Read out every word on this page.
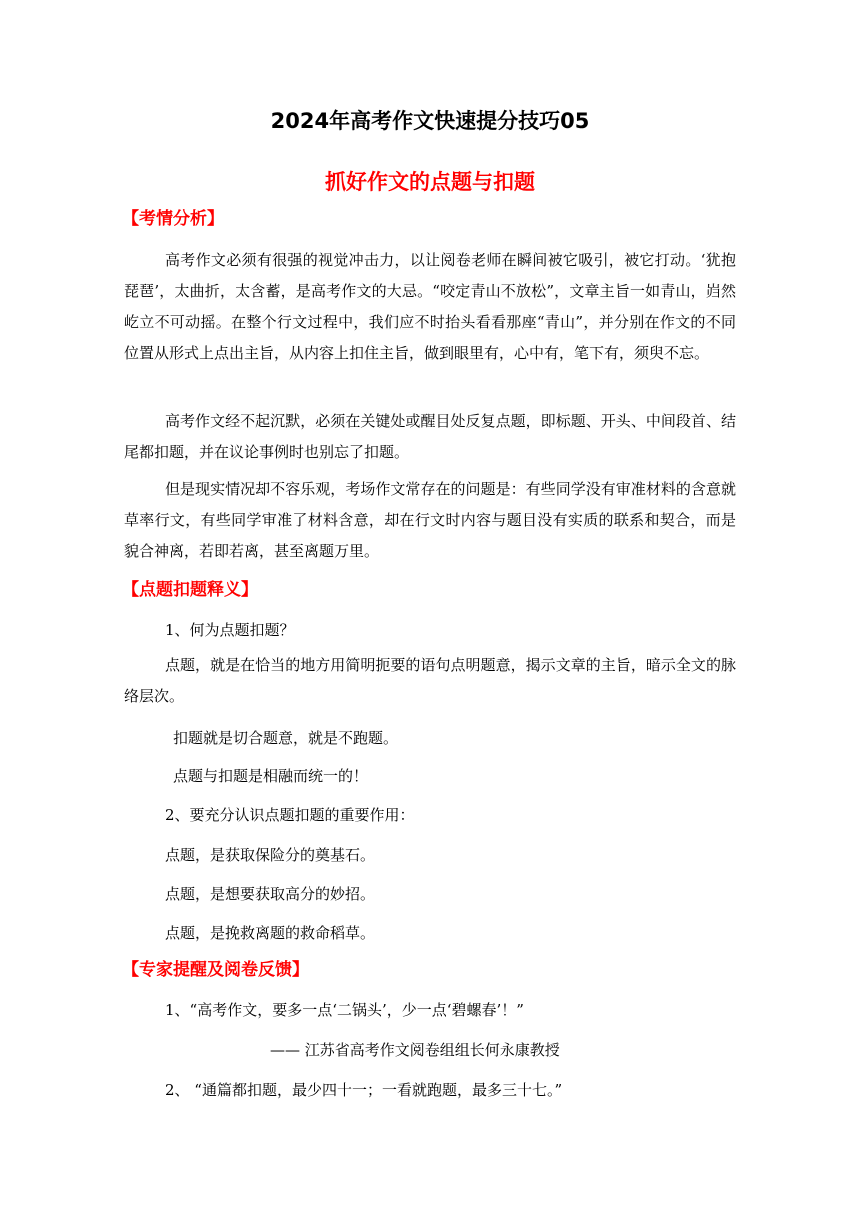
2024年高考作文快速提分技巧05
抓好作文的点题与扣题
【考情分析】
高考作文必须有很强的视觉冲击力，以让阅卷老师在瞬间被它吸引，被它打动。‘犹抱琵琶’，太曲折，太含蓄，是高考作文的大忌。“咬定青山不放松”，文章主旨一如青山，岿然屹立不可动摇。在整个行文过程中，我们应不时抬头看看那座“青山”，并分别在作文的不同位置从形式上点出主旨，从内容上扣住主旨，做到眼里有，心中有，笔下有，须臾不忘。
高考作文经不起沉默，必须在关键处或醒目处反复点题，即标题、开头、中间段首、结尾都扣题，并在议论事例时也别忘了扣题。
但是现实情况却不容乐观，考场作文常存在的问题是：有些同学没有审准材料的含意就草率行文，有些同学审准了材料含意，却在行文时内容与题目没有实质的联系和契合，而是貌合神离，若即若离，甚至离题万里。
【点题扣题释义】
1、何为点题扣题？
点题，就是在恰当的地方用简明扼要的语句点明题意，揭示文章的主旨，暗示全文的脉络层次。
扣题就是切合题意，就是不跑题。
点题与扣题是相融而统一的！
2、要充分认识点题扣题的重要作用：
点题，是获取保险分的奠基石。
点题，是想要获取高分的妙招。
点题，是挽救离题的救命稻草。
【专家提醒及阅卷反馈】
1、“高考作文，要多一点‘二锅头’，少一点‘碧螺春’！”
—— 江苏省高考作文阅卷组组长何永康教授
2、 “通篇都扣题，最少四十一；一看就跑题，最多三十七。”
